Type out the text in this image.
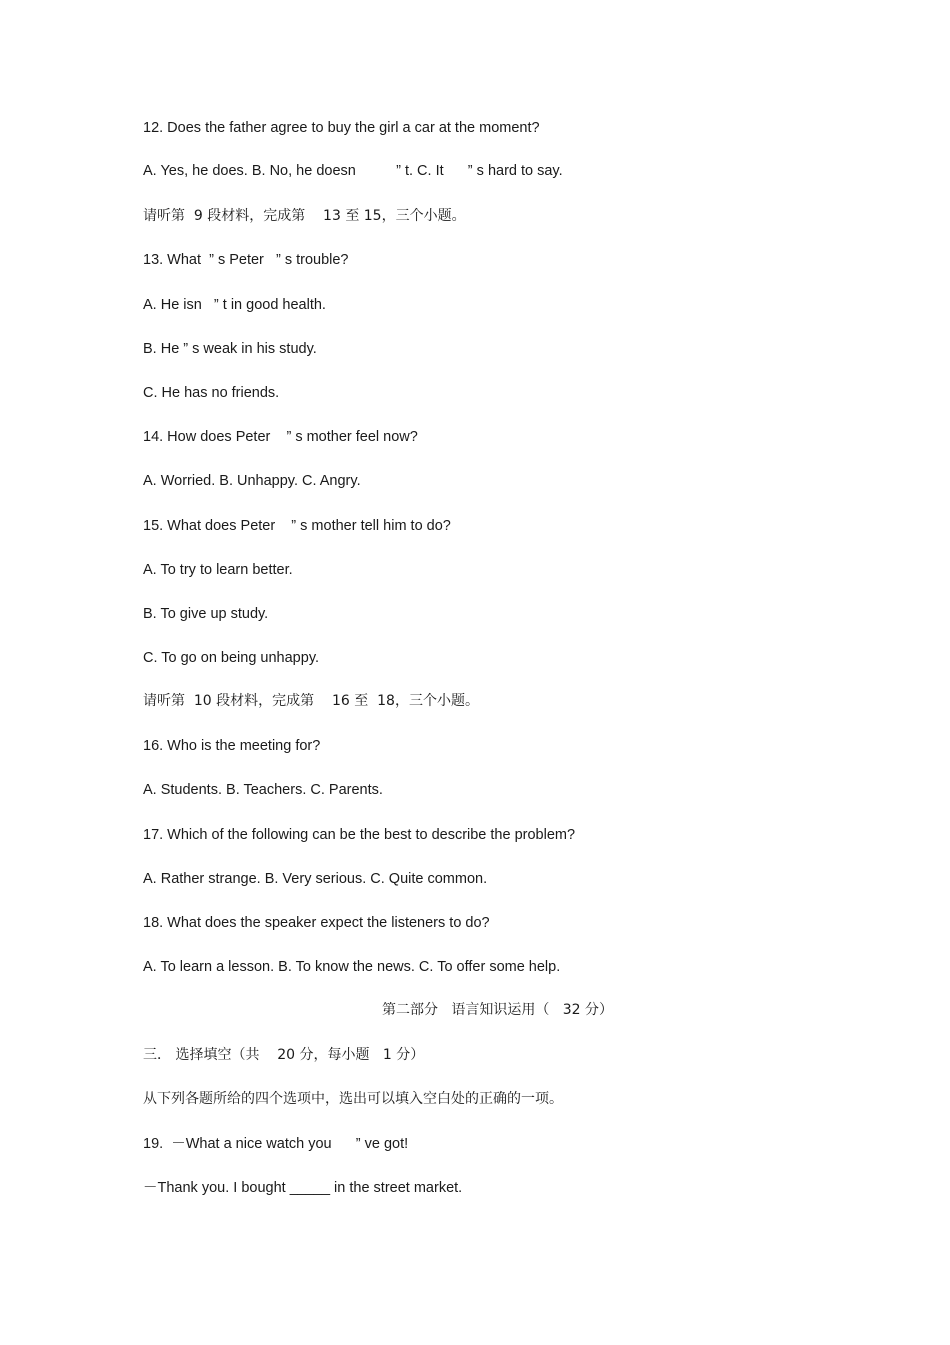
12. Does the father agree to buy the girl a car at the moment?
A. Yes, he does. B. No, he doesn          ” t. C. It      ” s hard to say.
请听第  9 段材料，完成第    13 至 15，三个小题。
13. What  ” s Peter   ” s trouble?
A. He isn   ” t in good health.
B. He ” s weak in his study.
C. He has no friends.
14. How does Peter    ” s mother feel now?
A. Worried. B. Unhappy. C. Angry.
15. What does Peter    ” s mother tell him to do?
A. To try to learn better.
B. To give up study.
C. To go on being unhappy.
请听第  10 段材料，完成第    16 至  18，三个小题。
16. Who is the meeting for?
A. Students. B. Teachers. C. Parents.
17. Which of the following can be the best to describe the problem?
A. Rather strange. B. Very serious. C. Quite common.
18. What does the speaker expect the listeners to do?
A. To learn a lesson. B. To know the news. C. To offer some help.
第二部分   语言知识运用（   32 分）
三． 选择填空（共    20 分，每小题   1 分）
从下列各题所给的四个选项中，选出可以填入空白处的正确的一项。
19.  －What a nice watch you      ” ve got!
－Thank you. I bought _____ in the street market.
